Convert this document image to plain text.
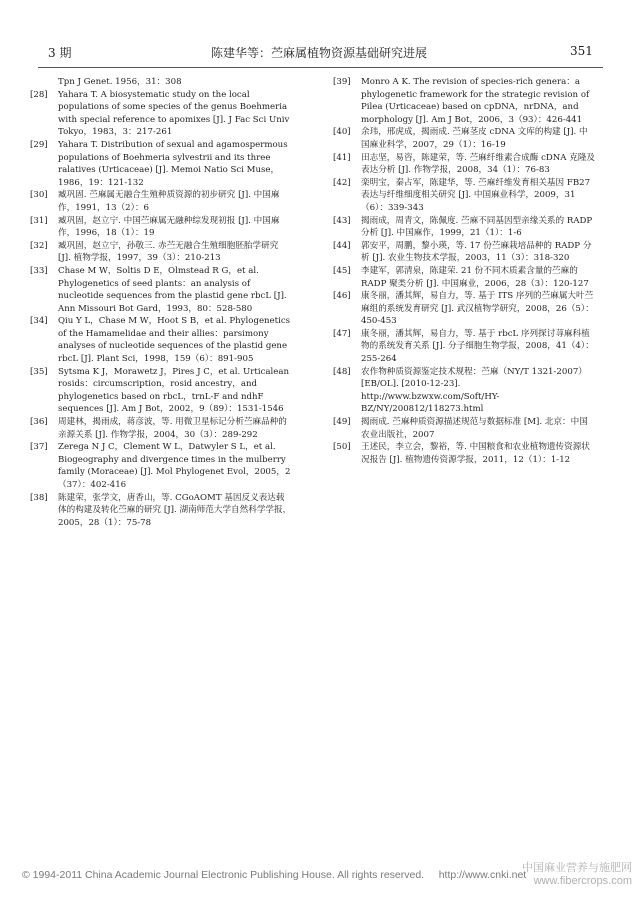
3 期	陈建华等：苎麻属植物资源基础研究进展	351
Tpn J Genet. 1956，31：308
[28]	Yahara T. A biosystematic study on the local populations of some species of the genus Boehmeria with special reference to apomixes [J]. J Fac Sci Univ Tokyo，1983，3：217-261
[29]	Yahara T. Distribution of sexual and agamospermous populations of Boehmeria sylvestrii and its three ralatives (Urticaceae) [J]. Memoi Natio Sci Muse，1986，19：121-132
[30]	臧巩固. 苎麻属无融合生殖种质资源的初步研究 [J]. 中国麻作，1991，13（2）：6
[31]	臧巩固，赵立宁. 中国苎麻属无融种综发现初报 [J]. 中国麻作，1996，18（1）：19
[32]	臧巩固，赵立宁，孙敬三. 赤苎无融合生殖细胞胚胎学研究 [J]. 植物学报，1997，39（3）：210-213
[33]	Chase M W，Soltis D E，Olmstead R G，et al. Phylogenetics of seed plants：an analysis of nucleotide sequences from the plastid gene rbcL [J]. Ann Missouri Bot Gard，1993，80：528-580
[34]	Qiu Y L，Chase M W，Hoot S B，et al. Phylogenetics of the Hamamelidae and their allies：parsimony analyses of nucleotide sequences of the plastid gene rbcL [J]. Plant Sci，1998，159（6）：891-905
[35]	Sytsma K J，Morawetz J，Pires J C，et al. Urticalean rosids：circumscription，rosid ancestry，and phylogenetics based on rbcL，trnL-F and ndhF sequences [J]. Am J Bot，2002，9（89）：1531-1546
[36]	周建林，揭雨成，蒋彦波，等. 用微卫星标记分析苎麻品种的亲源关系 [J]. 作物学报，2004，30（3）：289-292
[37]	Zerega N J C，Clement W L，Datwyler S L，et al. Biogeography and divergence times in the mulberry family (Moraceae) [J]. Mol Phylogenet Evol，2005，2（37）：402-416
[38]	陈建荣，张学文，唐香山，等. CGoAOMT 基因反义表达载体的构建及转化苎麻的研究 [J]. 湖南师范大学自然科学学报，2005，28（1）：75-78
[39]	Monro A K. The revision of species-rich genera：a phylogenetic framework for the strategic revision of Pilea (Urticaceae) based on cpDNA，nrDNA，and morphology [J]. Am J Bot，2006，3（93）：426-441
[40]	余玮，邢虎成，揭雨成. 苎麻茎皮 cDNA 文库的构建 [J]. 中国麻业科学，2007，29（1）：16-19
[41]	田志坚，易咨，陈建荣，等. 苎麻纤维素合成酶 cDNA 克隆及表达分析 [J]. 作物学报，2008，34（1）：76-83
[42]	栾明宝，秦占军，陈建华，等. 苎麻纤维发育相关基因 FB27 表达与纤维细度相关研究 [J]. 中国麻业科学，2009，31（6）：339-343
[43]	揭雨成，周青文，陈佩度. 苎麻不同基因型亲缘关系的 RADP 分析 [J]. 中国麻作，1999，21（1）：1-6
[44]	郭安平，周鹏，黎小瑛，等. 17 份苎麻栽培品种的 RADP 分析 [J]. 农业生物技术学报，2003，11（3）：318-320
[45]	李建军，郭清泉，陈建荣. 21 份不同木质素含量的苎麻的 RADP 聚类分析 [J]. 中国麻业，2006，28（3）：120-127
[46]	康冬丽，潘其辉，易自力，等. 基于 ITS 序列的苎麻属大叶苎麻组的系统发育研究 [J]. 武汉植物学研究，2008，26（5）：450-453
[47]	康冬丽，潘其辉，易自力，等. 基于 rbcL 序列探讨荨麻科植物的系统发育关系 [J]. 分子细胞生物学报，2008，41（4）：255-264
[48]	农作物种质资源鉴定技术规程：苎麻（NY/T 1321-2007）[EB/OL]. [2010-12-23]. http://www.bzwxw.com/Soft/HY-BZ/NY/200812/118273.html
[49]	揭雨成. 苎麻种质资源描述规范与数据标准 [M]. 北京：中国农业出版社，2007
[50]	王述民，李立会，黎裕，等. 中国粮食和农业植物遗传资源状况报告 [J]. 植物遗传资源学报，2011，12（1）：1-12
© 1994-2011 China Academic Journal Electronic Publishing House. All rights reserved. http://www.cnki.net
中国麻业营养与施肥网
www.fibercrops.com
